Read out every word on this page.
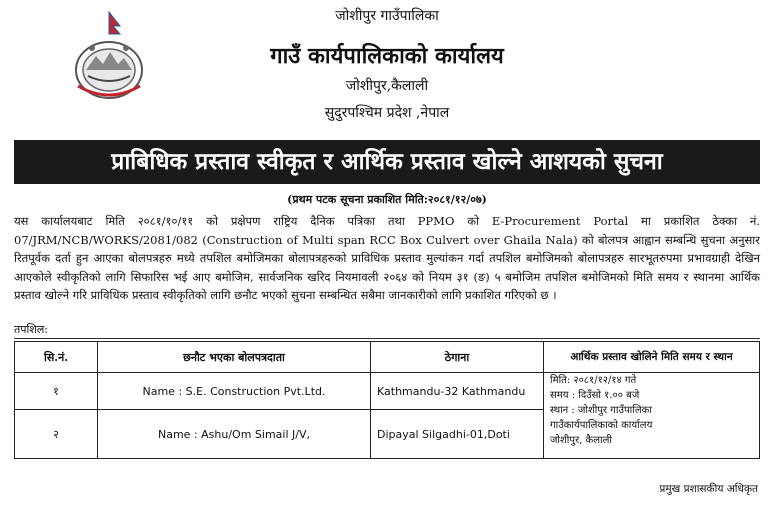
जोशीपुर गाउँपालिका
गाउँ कार्यपालिकाको कार्यालय
जोशीपुर,कैलाली
सुदुरपश्चिम प्रदेश ,नेपाल
प्राबिधिक प्रस्ताव स्वीकृत र आर्थिक प्रस्ताव खोल्ने आशयको सुचना
(प्रथम पटक सूचना प्रकाशित मिति:२०८१/१२/०७)

यस कार्यालयबाट मिति २०८१/१०/११ को प्रक्षेपण राष्ट्रिय दैनिक पत्रिका तथा PPMO को E-Procurement Portal मा प्रकाशित ठेक्का नं. 07/JRM/NCB/WORKS/2081/082 (Construction of Multi span RCC Box Culvert over Ghaila Nala) को बोलपत्र आह्वान सम्बन्धि सुचना अनुसार रितपूर्वक दर्ता हुन आएका बोलपत्रहरु मध्ये तपशिल बमोजिमका बोलापत्रहरुको प्राविधिक प्रस्ताव मुल्यांकन गर्दा तपशिल बमोजिमको बोलापत्रहरु सारभूतरुपमा प्रभावग्राही देखिन आएकोले स्वीकृतिको लागि सिफारिस भई आए बमोजिम, सार्वजनिक खरिद नियमावली २०६४ को नियम ३१ (ङ) ५ बमोजिम तपशिल बमोजिमको मिति समय र स्थानमा आर्थिक प्रस्ताव खोल्ने गरि प्राविधिक प्रस्ताव स्वीकृतिको लागि छनौट भएको सुचना सम्बन्धित सबैमा जानकारीको लागि प्रकाशित गरिएको छ ।

तपशिल:
सि.नं.	छनौट भएका बोलपत्रदाता	ठेगाना	आर्थिक प्रस्ताव खोलिने मिति समय र स्थान
१	Name : S.E. Construction Pvt.Ltd.	Kathmandu-32 Kathmandu	मिति: २०८१/१२/१४ गते
समय : दिउँसो १.०० बजे
स्थान : जोशीपुर गाउँपालिका
गाउँकार्यपालिकाको कार्यालय
जोशीपुर, कैलाली

२	Name : Ashu/Om Simail J/V,	Dipayal Silgadhi-01,Doti	
प्रमुख प्रशासकीय अधिकृत
